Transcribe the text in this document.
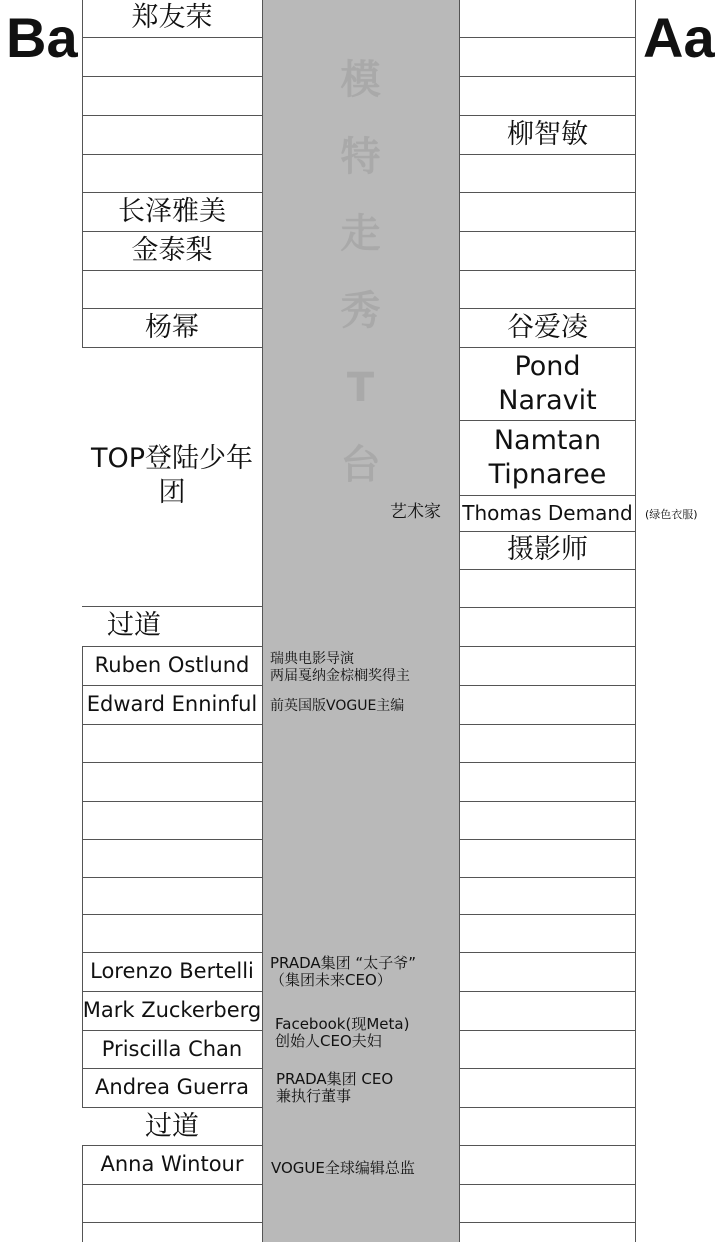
Ba	Aa
模
特
走
秀
T
台
郑友荣
长泽雅美
金泰梨
杨幂
TOP登陆少年团
过道
Ruben Ostlund
Edward Enninful
Lorenzo Bertelli
Mark Zuckerberg
Priscilla Chan
Andrea Guerra
过道
Anna Wintour
柳智敏
谷爱凌
Pond
Naravit
Namtan
Tipnaree
Thomas Demand
摄影师
瑞典电影导演
两届戛纳金棕榈奖得主
前英国版VOGUE主编
PRADA集团 “太子爷”
（集团未来CEO）
Facebook(现Meta)
创始人CEO夫妇
PRADA集团 CEO
兼执行董事
VOGUE全球编辑总监
艺术家	(绿色衣服)
